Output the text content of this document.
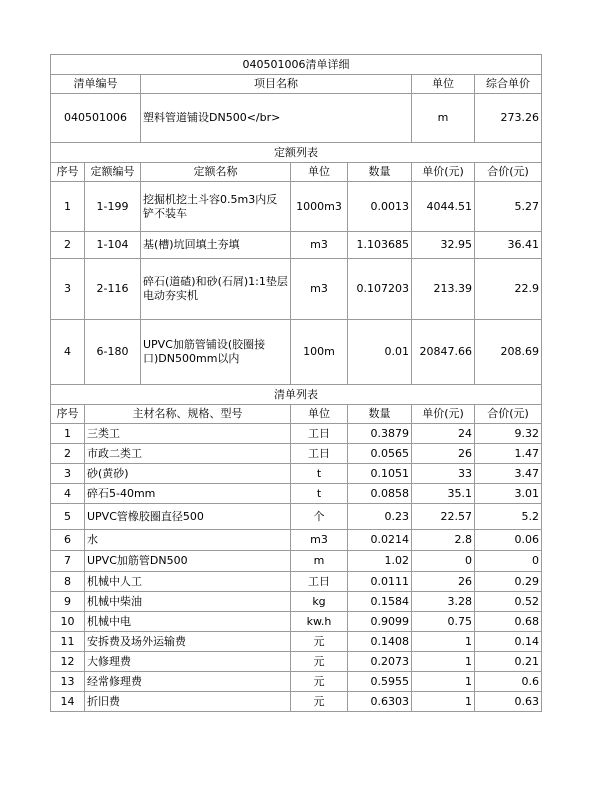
040501006清单详细						
清单编号		项目名称			单位	综合单价
040501006		塑料管道铺设DN500</br>			m	273.26
定额列表						
序号	定额编号	定额名称	单位	数量	单价(元)	合价(元)
1	1-199	挖掘机挖土斗容0.5m3内反铲不装车	1000m3	0.0013	4044.51	5.27
2	1-104	基(槽)坑回填土夯填	m3	1.103685	32.95	36.41
3	2-116	碎石(道碴)和砂(石屑)1:1垫层电动夯实机	m3	0.107203	213.39	22.9
4	6-180	UPVC加筋管铺设(胶圈接口)DN500mm以内	100m	0.01	20847.66	208.69
清单列表						
序号	主材名称、规格、型号		单位	数量	单价(元)	合价(元)
1	三类工		工日	0.3879	24	9.32
2	市政二类工		工日	0.0565	26	1.47
3	砂(黄砂)		t	0.1051	33	3.47
4	碎石5-40mm		t	0.0858	35.1	3.01
5	UPVC管橡胶圈直径500		个	0.23	22.57	5.2
6	水		m3	0.0214	2.8	0.06
7	UPVC加筋管DN500		m	1.02	0	0
8	机械中人工		工日	0.0111	26	0.29
9	机械中柴油		kg	0.1584	3.28	0.52
10	机械中电		kw.h	0.9099	0.75	0.68
11	安拆费及场外运输费		元	0.1408	1	0.14
12	大修理费		元	0.2073	1	0.21
13	经常修理费		元	0.5955	1	0.6
14	折旧费		元	0.6303	1	0.63
